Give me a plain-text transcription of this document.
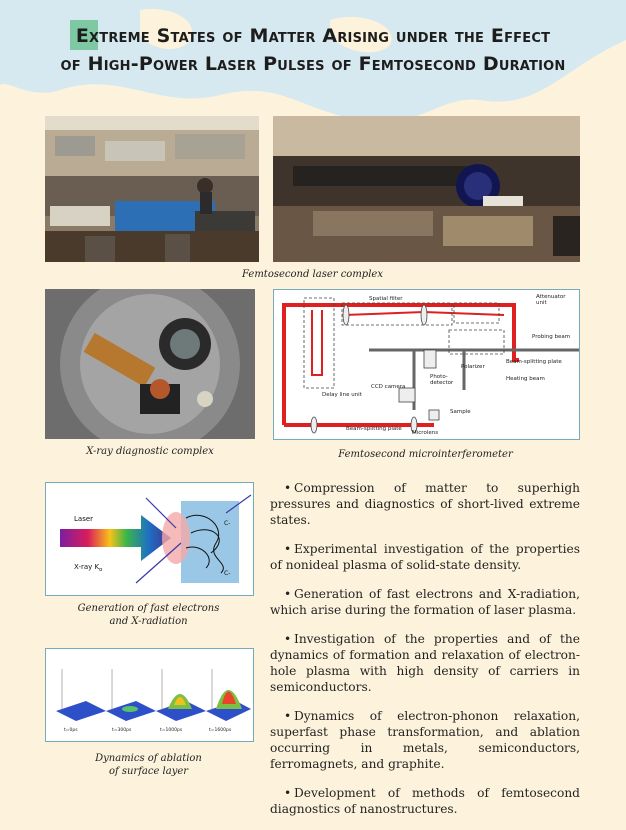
Extreme States of Matter Arising under the Effect

of High-Power Laser Pulses of Femtosecond Duration

Femtosecond laser complex
X-ray diagnostic complex
Spatial filter	Attenuator
unit
Probing beam
Beam-splitting plate
Polarizer
Photo-
detector
Heating beam
Delay line unit
CCD camera
Sample
Beam-splitting plate
Microlens
Femtosecond microinterferometer
Laser
X-ray K α
C-
C-
Generation of fast electrons
and X-radiation
t=0ps	t=300ps	t=1000ps	t=1600ps
Dynamics of ablation
of surface layer

• Compression of matter to superhigh pressures and diagnostics of short-lived extreme states.

• Experimental investigation of the properties of nonideal plasma of solid-state density.

• Generation of fast electrons and X-radiation, which arise during the formation of laser plasma.

• Investigation of the properties and of the dynamics of formation and relaxation of electron-hole plasma with high density of carriers in semiconductors.

• Dynamics of electron-phonon relaxation, superfast phase transformation, and ablation occurring in metals, semiconductors, ferromagnets, and graphite.

• Development of methods of femtosecond diagnostics of nanostructures.
